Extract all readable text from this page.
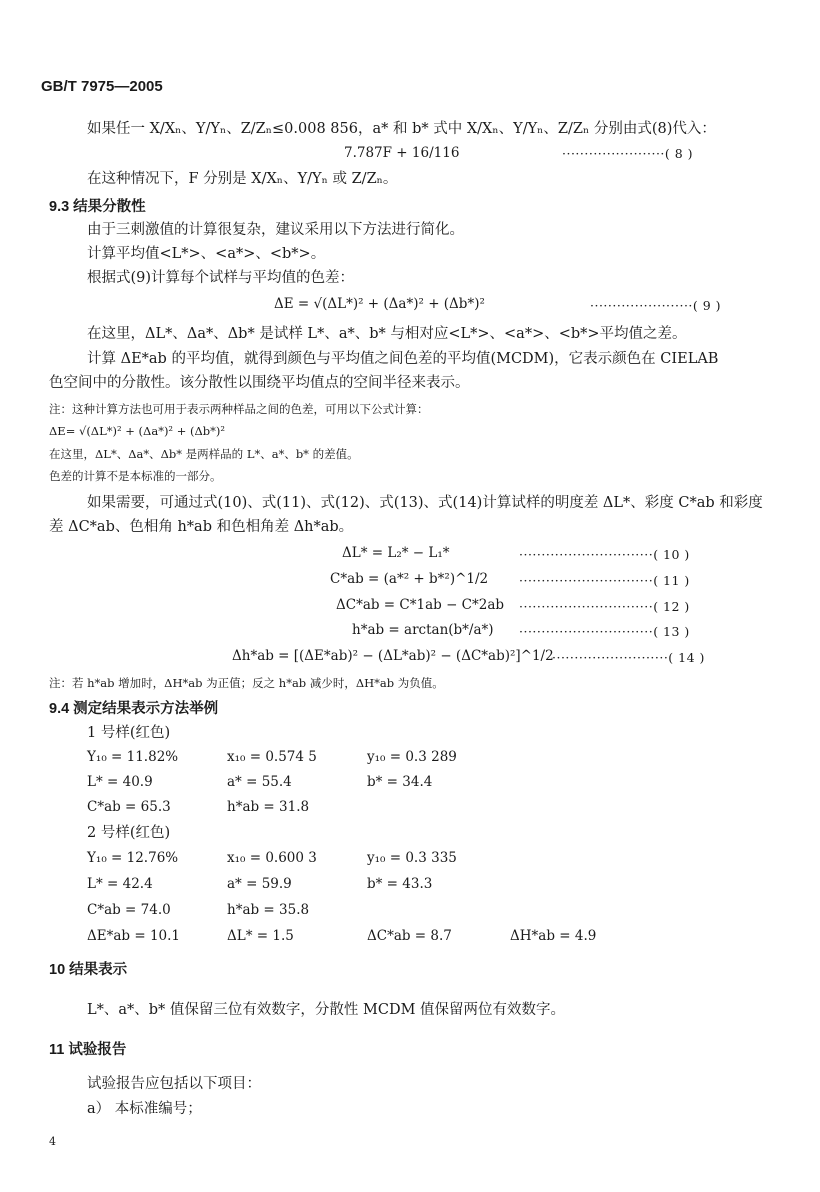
GB/T 7975—2005
如果任一 X/Xₙ、Y/Yₙ、Z/Zₙ≤0.008 856，a* 和 b* 式中 X/Xₙ、Y/Yₙ、Z/Zₙ 分别由式(8)代入：
7.787F + 16/116	·······················( 8 )
在这种情况下，F 分别是 X/Xₙ、Y/Yₙ 或 Z/Zₙ。
9.3 结果分散性
由于三刺激值的计算很复杂，建议采用以下方法进行简化。
计算平均值<L*>、<a*>、<b*>。
根据式(9)计算每个试样与平均值的色差：
ΔE = √(ΔL*)² + (Δa*)² + (Δb*)²	·······················( 9 )
在这里，ΔL*、Δa*、Δb* 是试样 L*、a*、b* 与相对应<L*>、<a*>、<b*>平均值之差。
计算 ΔE*ab 的平均值，就得到颜色与平均值之间色差的平均值(MCDM)，它表示颜色在 CIELAB
色空间中的分散性。该分散性以围绕平均值点的空间半径来表示。
注：这种计算方法也可用于表示两种样品之间的色差，可用以下公式计算：
ΔE= √(ΔL*)² + (Δa*)² + (Δb*)²
在这里，ΔL*、Δa*、Δb* 是两样品的 L*、a*、b* 的差值。
色差的计算不是本标准的一部分。
如果需要，可通过式(10)、式(11)、式(12)、式(13)、式(14)计算试样的明度差 ΔL*、彩度 C*ab 和彩度
差 ΔC*ab、色相角 h*ab 和色相角差 Δh*ab。
ΔL* = L₂* − L₁*	······························( 10 )
C*ab = (a*² + b*²)^1/2 ······························( 11 )
ΔC*ab = C*1ab − C*2ab ······························( 12 )
h*ab = arctan(b*/a*) ······························( 13 )
Δh*ab = [(ΔE*ab)² − (ΔL*ab)² − (ΔC*ab)²]^1/2
··························( 14 )
注：若 h*ab 增加时，ΔH*ab 为正值；反之 h*ab 减少时，ΔH*ab 为负值。
9.4 测定结果表示方法举例
1 号样(红色)
Y₁₀ = 11.82%	x₁₀ = 0.574 5	y₁₀ = 0.3 289
L* = 40.9	a* = 55.4	b* = 34.4
C*ab = 65.3	h*ab = 31.8
2 号样(红色)
Y₁₀ = 12.76%	x₁₀ = 0.600 3	y₁₀ = 0.3 335
L* = 42.4	a* = 59.9	b* = 43.3
C*ab = 74.0	h*ab = 35.8
ΔE*ab = 10.1	ΔL* = 1.5	ΔC*ab = 8.7	ΔH*ab = 4.9
10 结果表示
L*、a*、b* 值保留三位有效数字，分散性 MCDM 值保留两位有效数字。
11 试验报告
试验报告应包括以下项目：
a） 本标准编号；
4
